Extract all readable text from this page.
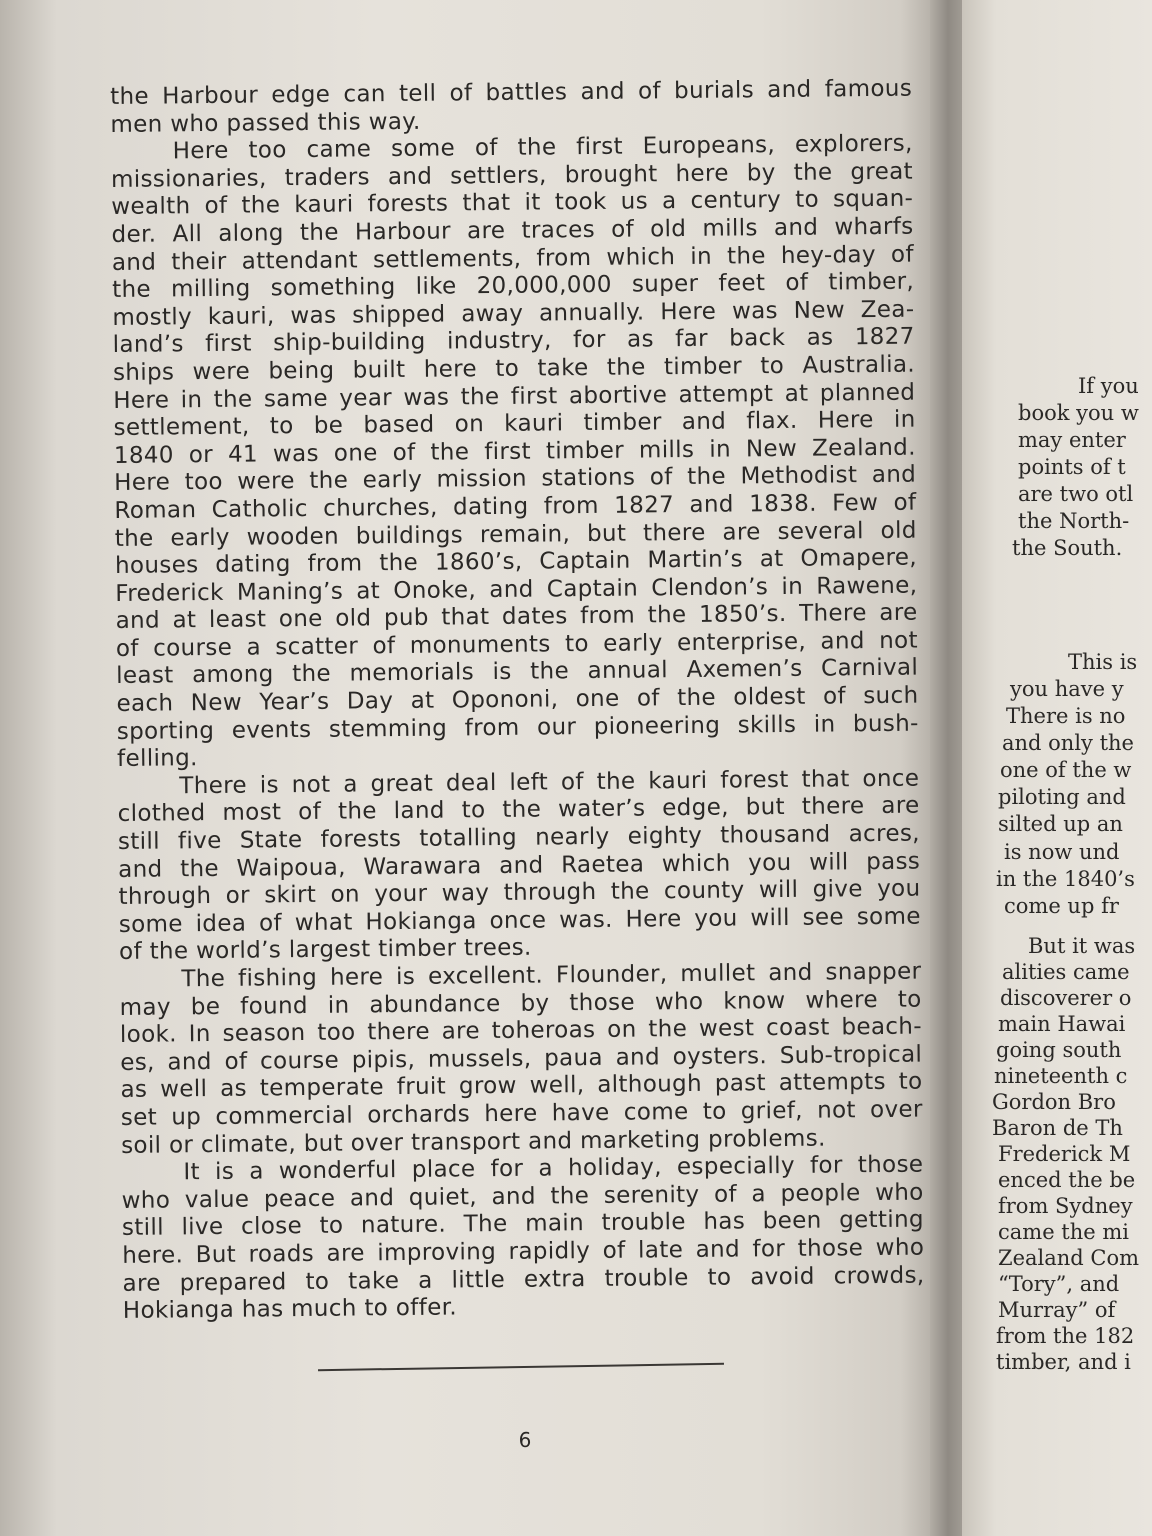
the Harbour edge can tell of battles and of burials and famous
men who passed this way.
Here too came some of the first Europeans, explorers,
missionaries, traders and settlers, brought here by the great
wealth of the kauri forests that it took us a century to squan-
der. All along the Harbour are traces of old mills and wharfs
and their attendant settlements, from which in the hey-day of
the milling something like 20,000,000 super feet of timber,
mostly kauri, was shipped away annually. Here was New Zea-
land’s first ship-building industry, for as far back as 1827
ships were being built here to take the timber to Australia.
Here in the same year was the first abortive attempt at planned
settlement, to be based on kauri timber and flax. Here in
1840 or 41 was one of the first timber mills in New Zealand.
Here too were the early mission stations of the Methodist and
Roman Catholic churches, dating from 1827 and 1838. Few of
the early wooden buildings remain, but there are several old
houses dating from the 1860’s, Captain Martin’s at Omapere,
Frederick Maning’s at Onoke, and Captain Clendon’s in Rawene,
and at least one old pub that dates from the 1850’s. There are
of course a scatter of monuments to early enterprise, and not
least among the memorials is the annual Axemen’s Carnival
each New Year’s Day at Opononi, one of the oldest of such
sporting events stemming from our pioneering skills in bush-
felling.
There is not a great deal left of the kauri forest that once
clothed most of the land to the water’s edge, but there are
still five State forests totalling nearly eighty thousand acres,
and the Waipoua, Warawara and Raetea which you will pass
through or skirt on your way through the county will give you
some idea of what Hokianga once was. Here you will see some
of the world’s largest timber trees.
The fishing here is excellent. Flounder, mullet and snapper
may be found in abundance by those who know where to
look. In season too there are toheroas on the west coast beach-
es, and of course pipis, mussels, paua and oysters. Sub-tropical
as well as temperate fruit grow well, although past attempts to
set up commercial orchards here have come to grief, not over
soil or climate, but over transport and marketing problems.
It is a wonderful place for a holiday, especially for those
who value peace and quiet, and the serenity of a people who
still live close to nature. The main trouble has been getting
here. But roads are improving rapidly of late and for those who
are prepared to take a little extra trouble to avoid crowds,
Hokianga has much to offer.
6
If you
book you w
may enter
points of t
are two otl
the North-
the South.
This is
you have y
There is no
and only the
one of the w
piloting and
silted up an
is now und
in the 1840’s
come up fr
But it was
alities came
discoverer o
main Hawai
going south
nineteenth c
Gordon Bro
Baron de Th
Frederick M
enced the be
from Sydney
came the mi
Zealand Com
“Tory”, and
Murray” of
from the 182
timber, and i
